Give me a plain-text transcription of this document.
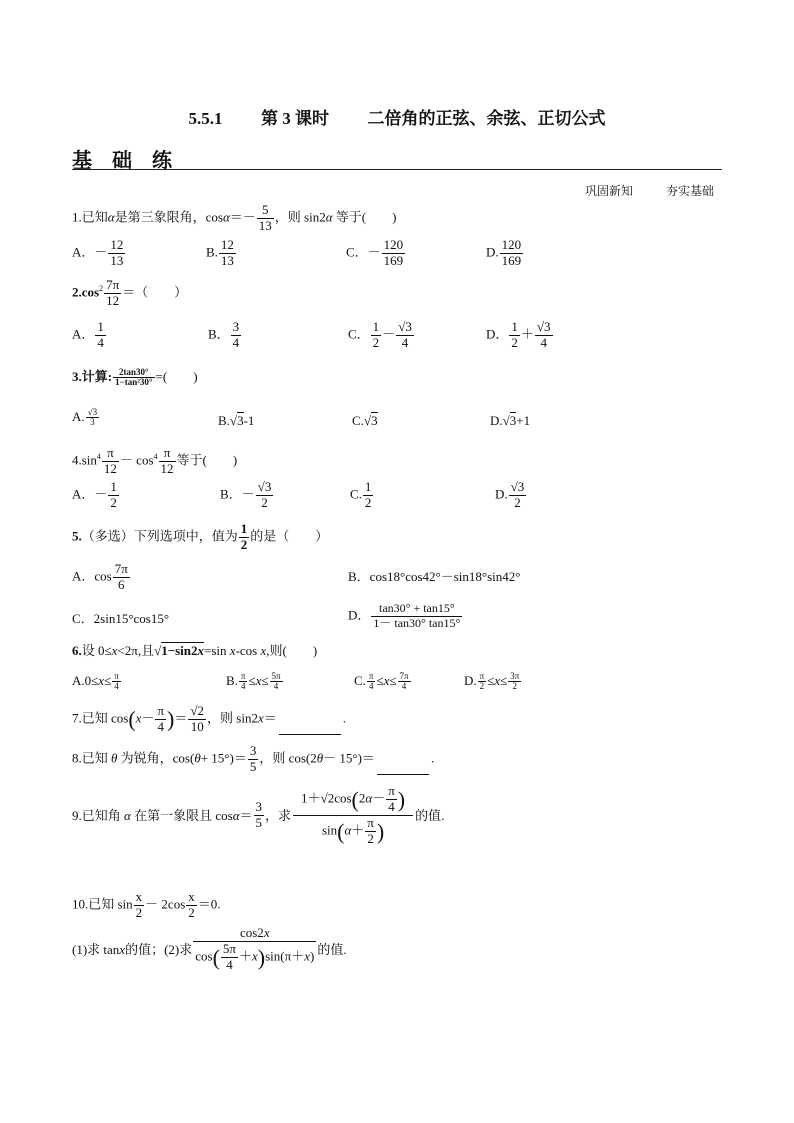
5.5.1 第 3 课时 二倍角的正弦、余弦、正切公式
基础练
巩固新知	夯实基础
1.已知α是第三象限角，$\cos\alpha=- \frac{5}{13}$ ，则 sin2α 等于(　　)
A．－ $\frac{12}{13}$	B. $\frac{12}{13}$	C．－ $\frac{120}{169}$	D. $\frac{120}{169}$
$2.\cos^2 \frac{7\pi}{12}$ ＝（　　）
A． $\frac{1}{4}$	B． $\frac{3}{4}$	C． $\frac{1}{2} - \frac{√3}{4}$	D． $\frac{1}{2} + \frac{√3}{4}$
3.计算: $\frac{2\tan 30^\circ}{\text{1−tan²30°}}$ =(　　)
A. $\frac{√3}{3}$	B.√3-1	C.√3	D.√3+1
$4.\sin^4 \frac{\pi}{12} - \cos^4 \frac{\pi}{12}$ 等于(　　)
A．－ $\frac{1}{2}$	B．－ $\frac{√3}{2}$	C. $\frac{1}{2}$	D. $\frac{√3}{2}$
5.（多选）下列选项中，值为 $\frac{1}{2}$ 的是（　　）
A．$\cos \frac{7\pi}{6}$	B．cos18°cos42°－sin18°sin42°
C．2sin15°cos15°	D． $\frac{\tan 30^\circ + \tan 15^\circ}{1- \tan 30^\circ \tan 15^\circ}$
6.设 0≤x<2π,且√1−sin2x=sin x-cos x,则(　　)
$A.0\le x\le \frac{\pi}{4}$	B. $\frac{\pi}{4} \le x\le \frac{5\pi}{4}$	C. $\frac{\pi}{4} \le x\le \frac{7\pi}{4}$	D. $\frac{\pi}{2} \le x\le \frac{3\pi}{2}$
7.已知 $\cos(x- \frac{\pi}{4}$ )＝ $\frac{√2}{10}$ ，则 sin2x＝	.
8.已知 θ 为锐角，$\cos(\theta+ 15^\circ)= \frac{3}{5}$ ，则 cos(2θ－ 15°)＝	.
9.已知角 α 在第一象限且 $\cos\alpha= \frac{3}{5}$ ，求 $\frac{1+√2\cos(2\alpha- \frac{\pi}{4} )}{\sin(\alpha+ \frac{\pi}{2} )}$ 的值.
10.已知 $\sin \frac{x}{2} - 2\cos \frac{x}{2} =0$.
(1)求 tanx的值；(2)求 $\frac{\cos 2x}{\cos( \frac{5\pi}{4} +x)\sin(\pi+x)}$ 的值.
